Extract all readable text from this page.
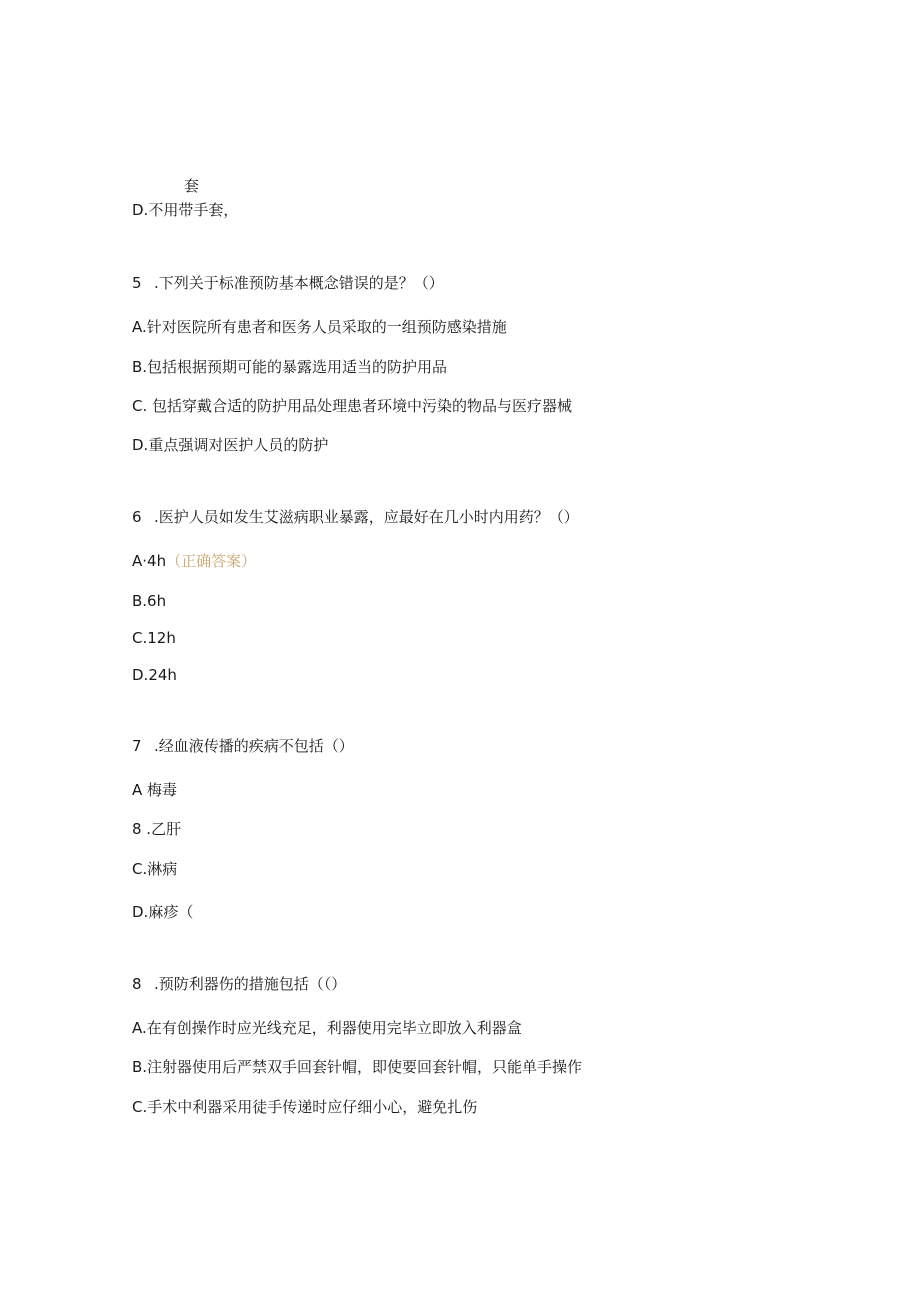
套
D.不用带手套，
5 .下列关于标准预防基本概念错误的是？（）
A.针对医院所有患者和医务人员采取的一组预防感染措施
B.包括根据预期可能的暴露选用适当的防护用品
C. 包括穿戴合适的防护用品处理患者环境中污染的物品与医疗器械
D.重点强调对医护人员的防护
6 .医护人员如发生艾滋病职业暴露，应最好在几小时内用药？（）
A·4h（正确答案）
B.6h
C.12h
D.24h
7 .经血液传播的疾病不包括（）
A 梅毒
8 .乙肝
C.淋病
D.麻疹（
8 .预防利器伤的措施包括（（）
A.在有创操作时应光线充足，利器使用完毕立即放入利器盒
B.注射器使用后严禁双手回套针帽，即使要回套针帽，只能单手操作
C.手术中利器采用徒手传递时应仔细小心，避免扎伤
